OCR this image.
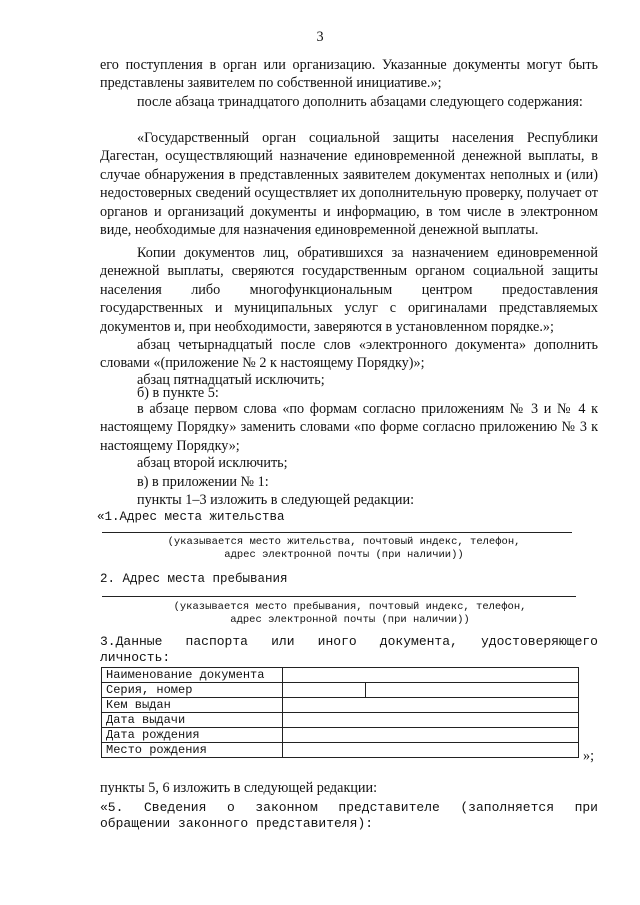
3
его поступления в орган или организацию. Указанные документы могут быть представлены заявителем по собственной инициативе.»;
после абзаца тринадцатого дополнить абзацами следующего содержания:
«Государственный орган социальной защиты населения Республики Дагестан, осуществляющий назначение единовременной денежной выплаты, в случае обнаружения в представленных заявителем документах неполных и (или) недостоверных сведений осуществляет их дополнительную проверку, получает от органов и организаций документы и информацию, в том числе в электронном виде, необходимые для назначения единовременной денежной выплаты.
Копии документов лиц, обратившихся за назначением единовременной денежной выплаты, сверяются государственным органом социальной защиты населения либо многофункциональным центром предоставления государственных и муниципальных услуг с оригиналами представляемых документов и, при необходимости, заверяются в установленном порядке.»;
абзац четырнадцатый после слов «электронного документа» дополнить словами «(приложение № 2 к настоящему Порядку)»;
абзац пятнадцатый исключить;
б) в пункте 5:
в абзаце первом слова «по формам согласно приложениям № 3 и № 4 к настоящему Порядку» заменить словами «по форме согласно приложению № 3 к настоящему Порядку»;
абзац второй исключить;
в) в приложении № 1:
пункты 1–3 изложить в следующей редакции:
«1.Адрес места жительства
(указывается место жительства, почтовый индекс, телефон,
адрес электронной почты (при наличии))
2. Адрес места пребывания
(указывается место пребывания, почтовый индекс, телефон,
адрес электронной почты (при наличии))
3.Данные паспорта или иного документа, удостоверяющего личность:
Наименование документа	
Серия, номер	

Кем выдан	
Дата выдачи	
Дата рождения	
Место рождения		»;
пункты 5, 6 изложить в следующей редакции:
«5. Сведения о законном представителе (заполняется при обращении законного представителя):
